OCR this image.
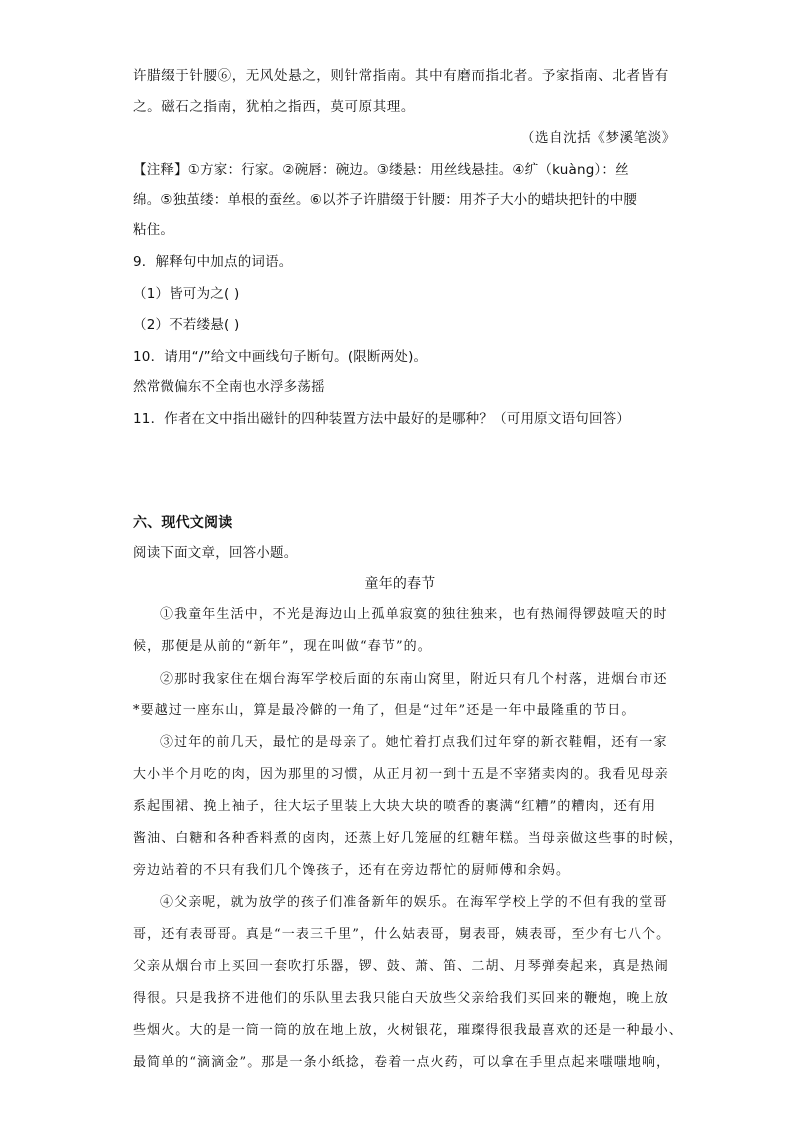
许腊缀于针腰⑥，无风处悬之，则针常指南。其中有磨而指北者。予家指南、北者皆有
之。磁石之指南，犹柏之指西，莫可原其理。
（选自沈括《梦溪笔淡》
【注释】①方家：行家。②碗唇：碗边。③缕悬：用丝线悬挂。④纩（kuàng）：丝
绵。⑤独茧缕：单根的蚕丝。⑥以芥子许腊缀于针腰：用芥子大小的蜡块把针的中腰
粘住。
9．解释句中加点的词语。
（1）皆可为之( )
（2）不若缕悬( )
10．请用“/”给文中画线句子断句。(限断两处)。
然常微偏东不全南也水浮多荡摇
11．作者在文中指出磁针的四种装置方法中最好的是哪种？（可用原文语句回答）
六、现代文阅读
阅读下面文章，回答小题。
童年的春节
①我童年生活中，不光是海边山上孤单寂寞的独往独来，也有热闹得锣鼓喧天的时
候，那便是从前的“新年”，现在叫做“春节”的。
②那时我家住在烟台海军学校后面的东南山窝里，附近只有几个村落，进烟台市还
*要越过一座东山，算是最冷僻的一角了，但是“过年”还是一年中最隆重的节日。
③过年的前几天，最忙的是母亲了。她忙着打点我们过年穿的新衣鞋帽，还有一家
大小半个月吃的肉，因为那里的习惯，从正月初一到十五是不宰猪卖肉的。我看见母亲
系起围裙、挽上袖子，往大坛子里装上大块大块的喷香的裹满“红糟”的糟肉，还有用
酱油、白糖和各种香料煮的卤肉，还蒸上好几笼屉的红糖年糕。当母亲做这些事的时候，
旁边站着的不只有我们几个馋孩子，还有在旁边帮忙的厨师傅和余妈。
④父亲呢，就为放学的孩子们准备新年的娱乐。在海军学校上学的不但有我的堂哥
哥，还有表哥哥。真是“一表三千里”，什么姑表哥，舅表哥，姨表哥，至少有七八个。
父亲从烟台市上买回一套吹打乐器，锣、鼓、萧、笛、二胡、月琴弹奏起来，真是热闹
得很。只是我挤不进他们的乐队里去我只能白天放些父亲给我们买回来的鞭炮，晚上放
些烟火。大的是一筒一筒的放在地上放，火树银花，璀璨得很我最喜欢的还是一种最小、
最简单的“滴滴金”。那是一条小纸捻，卷着一点火药，可以拿在手里点起来嗤嗤地响，
